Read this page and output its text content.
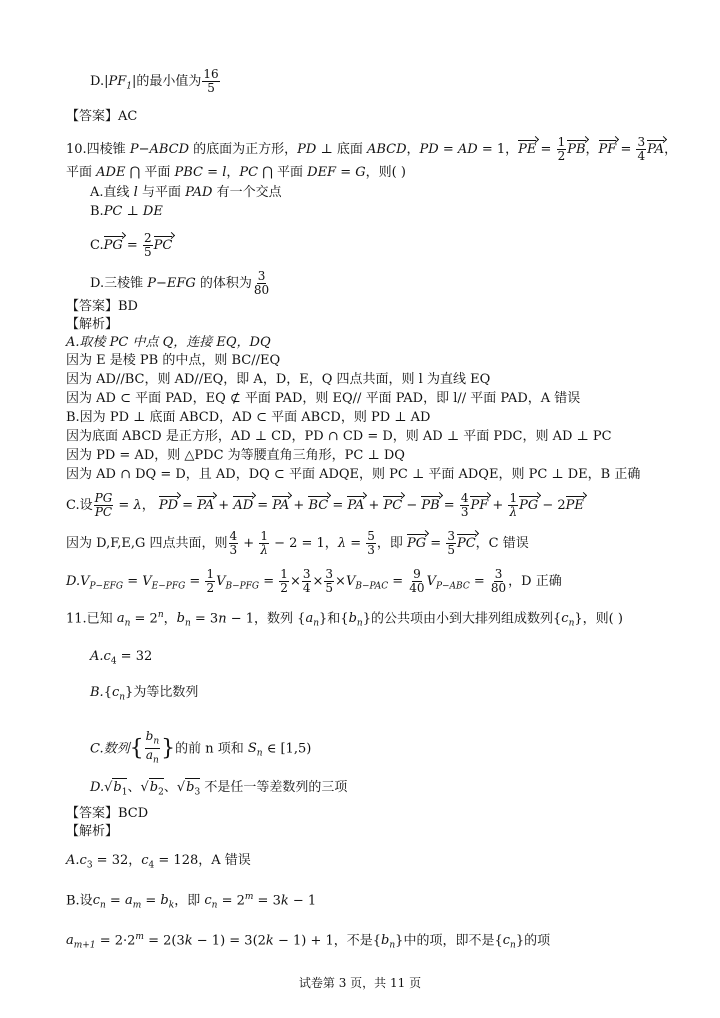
$D.|PF_1|$的最小值为 $\frac{16}{5}$
【答案】AC
10.四棱锥 P−ABCD 的底面为正方形，PD ⊥ 底面 ABCD，PD = AD = 1，PE = $\frac{1}{2}$ PB，PF = $\frac{3}{4}$ PA，
平面 ADE ⋂ 平面 PBC = l，PC ⋂ 平面 DEF = G，则( )
A.直线 l 与平面 PAD 有一个交点
B.PC ⊥ DE
$C.PG = \frac{2}{5}$ PC
D.三棱锥 P−EFG 的体积为 $\frac{3}{80}$
【答案】BD
【解析】
A.取棱 PC 中点 Q，连接 EQ，DQ
因为 E 是棱 PB 的中点，则 BC//EQ
因为 AD//BC，则 AD//EQ，即 A，D，E，Q 四点共面，则 l 为直线 EQ
因为 AD ⊂ 平面 PAD，EQ ⊄ 平面 PAD，则 EQ// 平面 PAD，即 l// 平面 PAD，A 错误
B.因为 PD ⊥ 底面 ABCD，AD ⊂ 平面 ABCD，则 PD ⊥ AD
因为底面 ABCD 是正方形，AD ⊥ CD，PD ∩ CD = D，则 AD ⊥ 平面 PDC，则 AD ⊥ PC
因为 PD = AD，则 △PDC 为等腰直角三角形，PC ⊥ DQ
因为 AD ∩ DQ = D，且 AD，DQ ⊂ 平面 ADQE，则 PC ⊥ 平面 ADQE，则 PC ⊥ DE，B 正确
C.设 $\frac{PG}{PC} = \lambda$， PD = PA + AD = PA + BC = PA + PC − PB = $\frac{4}{3}$ PF + $\frac{1}{\lambda}$ PG − 2PE
因为 D,F,E,G 四点共面，则 $\frac{4}{3} + \frac{1}{\lambda} - 2 = 1$，$\lambda = \frac{5}{3}$ ，即 PG = $\frac{3}{5}$ PC，C 错误
$D.V_{P-EFG} = V_{E-PFG} = \frac{1}{2} V_{B-PFG} = \frac{1}{2} \times \frac{3}{4} \times \frac{3}{5} \times V_{B-PAC} = \frac{9}{40} V_{P-ABC} = \frac{3}{80}$ ，D 正确
11.已知 $a_n = 2^n$，$b_n = 3n - 1$，数列 $\{a_n\}$和$\{b_n\}$的公共项由小到大排列组成数列$\{c_n\}$，则( )
$A.c_4 = 32$
$B.\{c_n\}$为等比数列
C.数列{ $\frac{b_n}{a_n}$ }的前 n 项和 $S_n$ ∈ [1,5)
$D.√b_1$、$√b_2$、$√b_3$ 不是任一等差数列的三项
【答案】BCD
【解析】
$A.c_3 = 32$，$c_4 = 128$，A 错误
B.设$c_n = a_m = b_k$，即 $c_n = 2^m = 3k - 1$
$a_{m+1} = 2\cdot 2^m = 2(3k - 1) = 3(2k - 1) + 1$，不是$\{b_n\}$中的项，即不是$\{c_n\}$的项
试卷第 3 页，共 11 页
